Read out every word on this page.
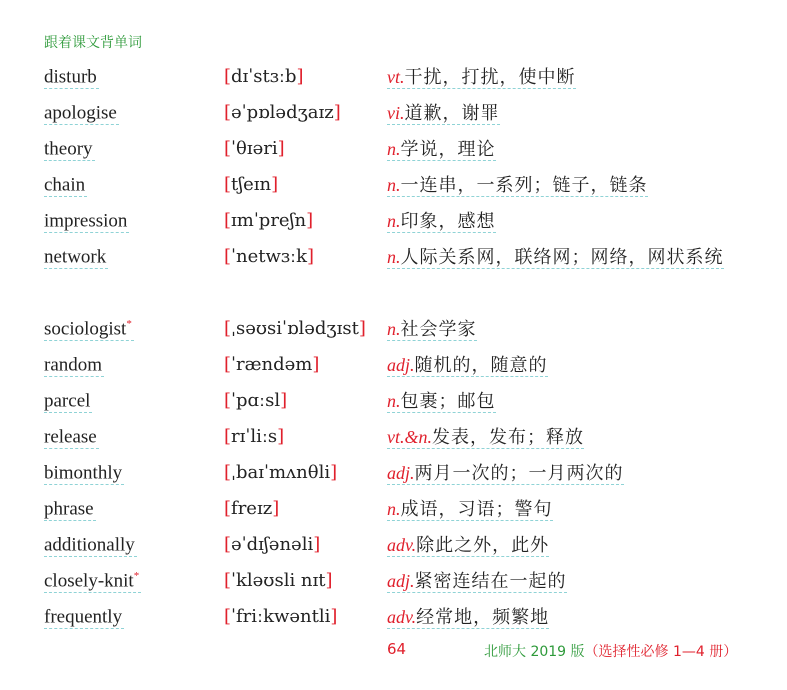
跟着课文背单词
disturb	[dɪˈstɜːb]	vt.干扰，打扰，使中断
apologise	[əˈpɒlədʒaɪz]	vi.道歉，谢罪
theory	[ˈθɪəri]	n.学说，理论
chain	[tʃeɪn]	n.一连串，一系列；链子，链条
impression	[ɪmˈpreʃn]	n.印象，感想
network	[ˈnetwɜːk]	n.人际关系网，联络网；网络，网状系统
sociologist*	[ˌsəʊsiˈɒlədʒɪst] n.社会学家
random	[ˈrændəm]	adj.随机的，随意的
parcel	[ˈpɑːsl]	n.包裹；邮包
release	[rɪˈliːs]	vt.&n.发表，发布；释放
bimonthly	[ˌbaɪˈmʌnθli]	adj.两月一次的；一月两次的
phrase	[freɪz]	n.成语，习语；警句
additionally	[əˈdɪʃənəli]	adv.除此之外，此外
closely-knit*	[ˈkləʊsli nɪt]	adj.紧密连结在一起的
frequently	[ˈfriːkwəntli]	adv.经常地，频繁地
64	北师大 2019 版（选择性必修 1—4 册）
